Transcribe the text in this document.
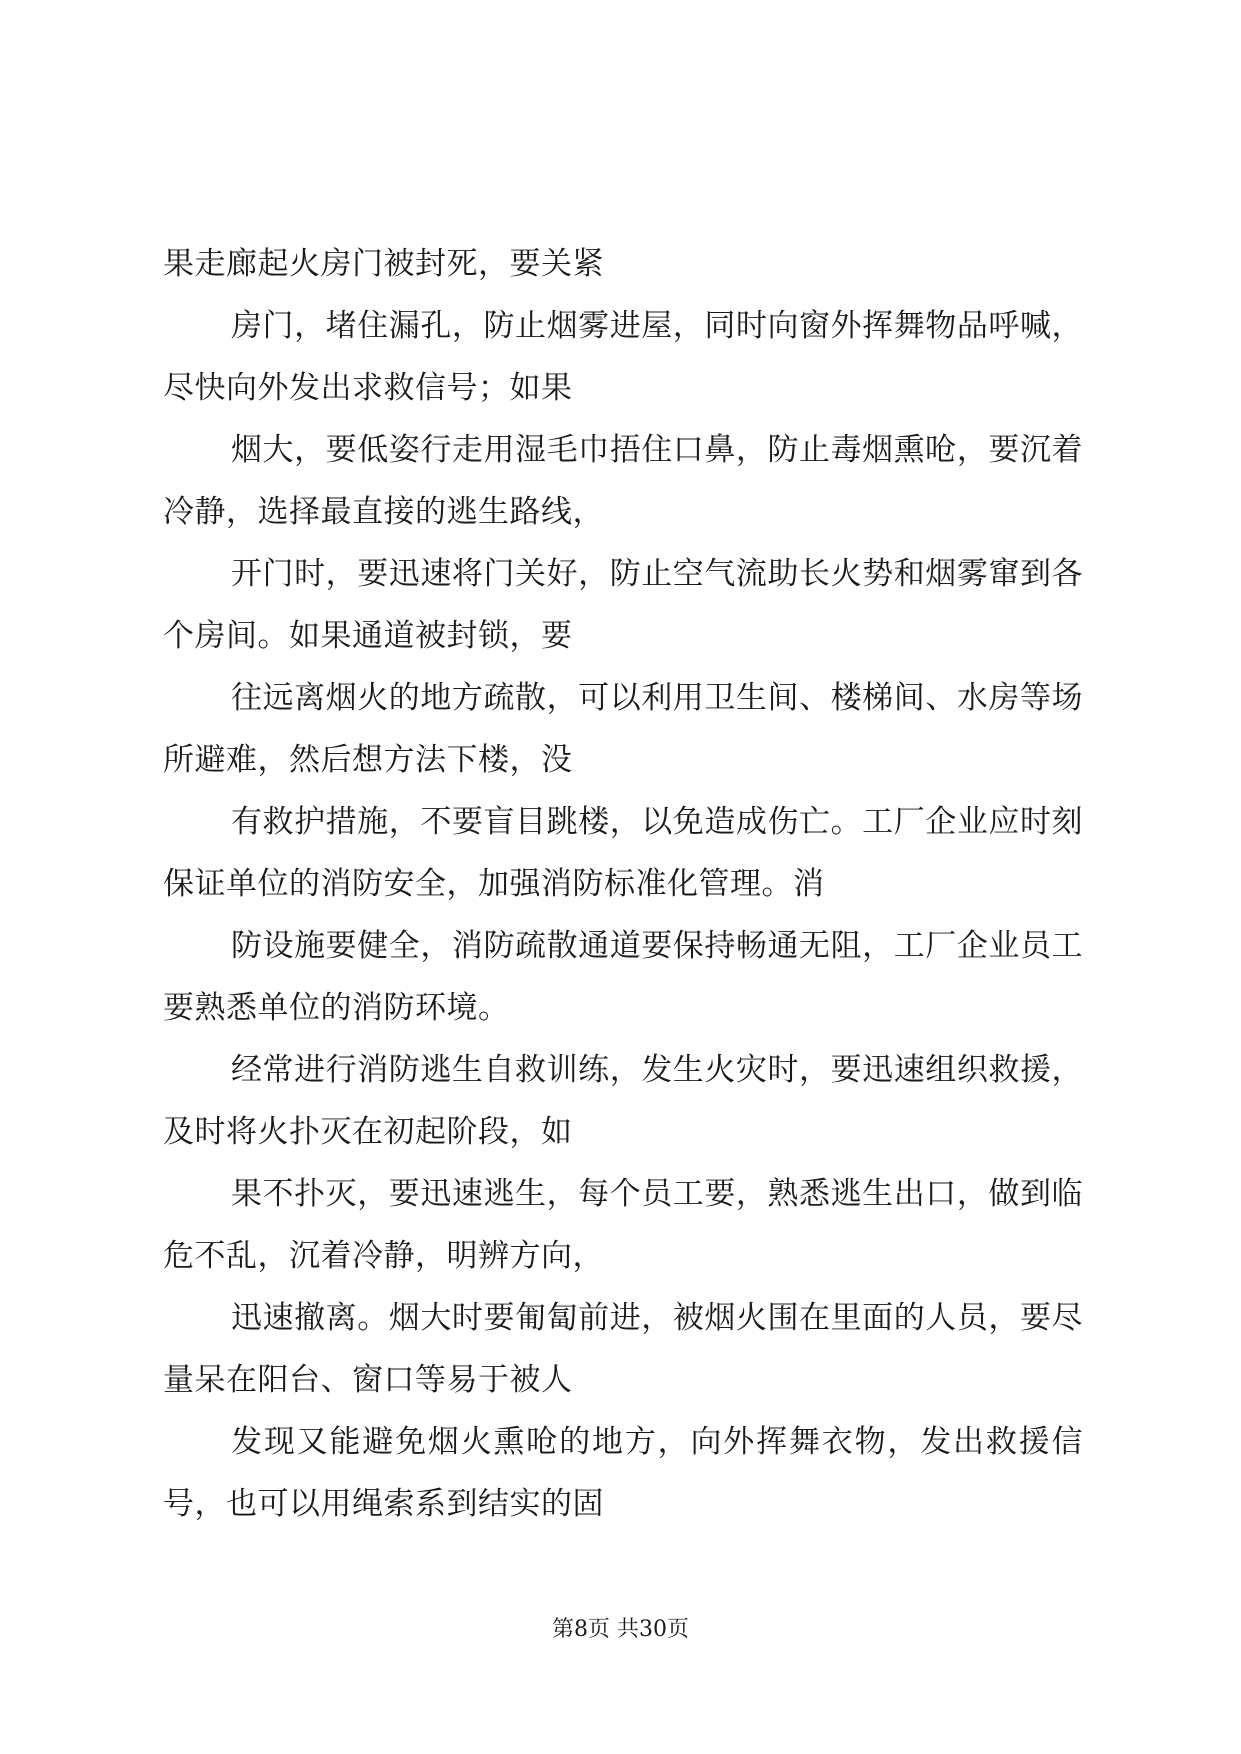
果走廊起火房门被封死，要关紧

房门，堵住漏孔，防止烟雾进屋，同时向窗外挥舞物品呼喊，尽快向外发出求救信号；如果

烟大，要低姿行走用湿毛巾捂住口鼻，防止毒烟熏呛，要沉着冷静，选择最直接的逃生路线，

开门时，要迅速将门关好，防止空气流助长火势和烟雾窜到各个房间。如果通道被封锁，要

往远离烟火的地方疏散，可以利用卫生间、楼梯间、水房等场所避难，然后想方法下楼，没

有救护措施，不要盲目跳楼，以免造成伤亡。工厂企业应时刻保证单位的消防安全，加强消防标准化管理。消

防设施要健全，消防疏散通道要保持畅通无阻，工厂企业员工要熟悉单位的消防环境。

经常进行消防逃生自救训练，发生火灾时，要迅速组织救援，及时将火扑灭在初起阶段，如

果不扑灭，要迅速逃生，每个员工要，熟悉逃生出口，做到临危不乱，沉着冷静，明辨方向，

迅速撤离。烟大时要匍匐前进，被烟火围在里面的人员，要尽量呆在阳台、窗口等易于被人

发现又能避免烟火熏呛的地方，向外挥舞衣物，发出救援信号，也可以用绳索系到结实的固

第8页 共30页
